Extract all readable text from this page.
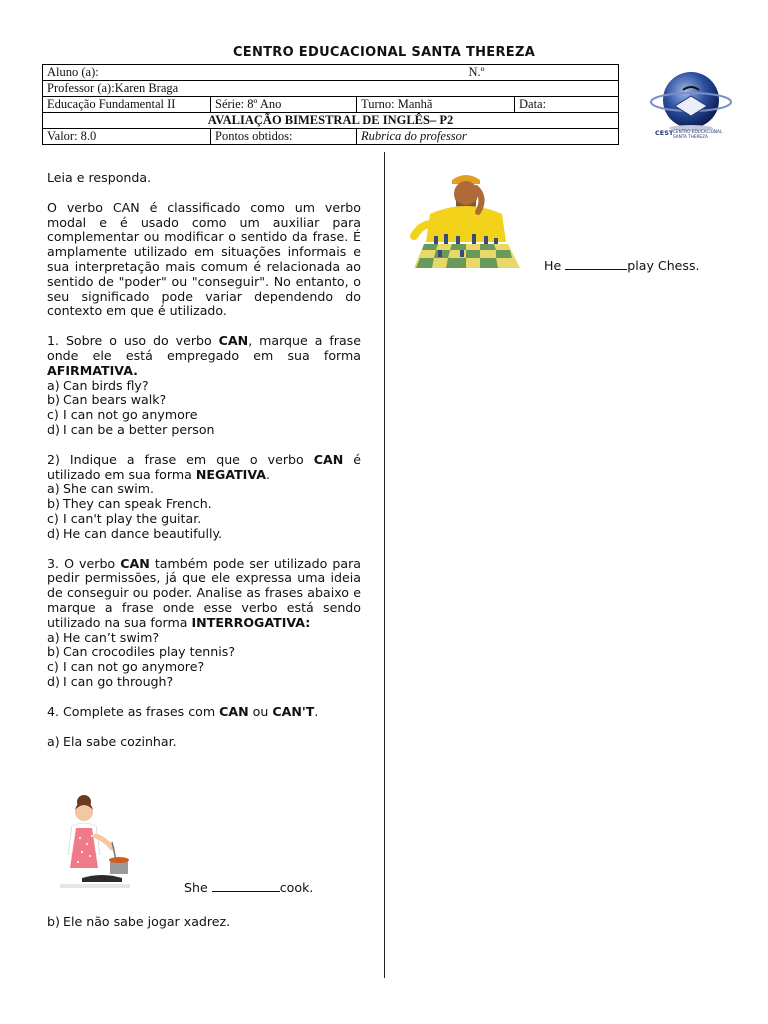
CENTRO EDUCACIONAL SANTA THEREZA
Aluno (a): N.º			

Professor (a):Karen Braga			
Educação Fundamental II	Série: 8º Ano	Turno: Manhã	Data:
AVALIAÇÃO BIMESTRAL DE INGLÊS– P2			
Valor: 8.0	Pontos obtidos:	Rubrica do professor		CEST CENTRO EDUCACIONAL SANTA THEREZA

Leia e responda.

O verbo CAN é classificado como um verbo modal e é usado como um auxiliar para complementar ou modificar o sentido da frase. É amplamente utilizado em situações informais e sua interpretação mais comum é relacionada ao sentido de "poder" ou "conseguir". No entanto, o seu significado pode variar dependendo do contexto em que é utilizado.

1. Sobre o uso do verbo CAN, marque a frase onde ele está empregado em sua forma AFIRMATIVA.

a) Can birds fly?
b) Can bears walk?
c) I can not go anymore
d) I can be a better person

2) Indique a frase em que o verbo CAN é utilizado em sua forma NEGATIVA.

a) She can swim.
b) They can speak French.
c) I can't play the guitar.
d) He can dance beautifully.

3. O verbo CAN também pode ser utilizado para pedir permissões, já que ele expressa uma ideia de conseguir ou poder. Analise as frases abaixo e marque a frase onde esse verbo está sendo utilizado na sua forma INTERROGATIVA:

a) He can’t swim?
b) Can crocodiles play tennis?
c) I can not go anymore?
d) I can go through?

4. Complete as frases com CAN ou CAN'T.

a) Ela sabe cozinhar.
She	cook.
b) Ele não sabe jogar xadrez.
He	play Chess.
